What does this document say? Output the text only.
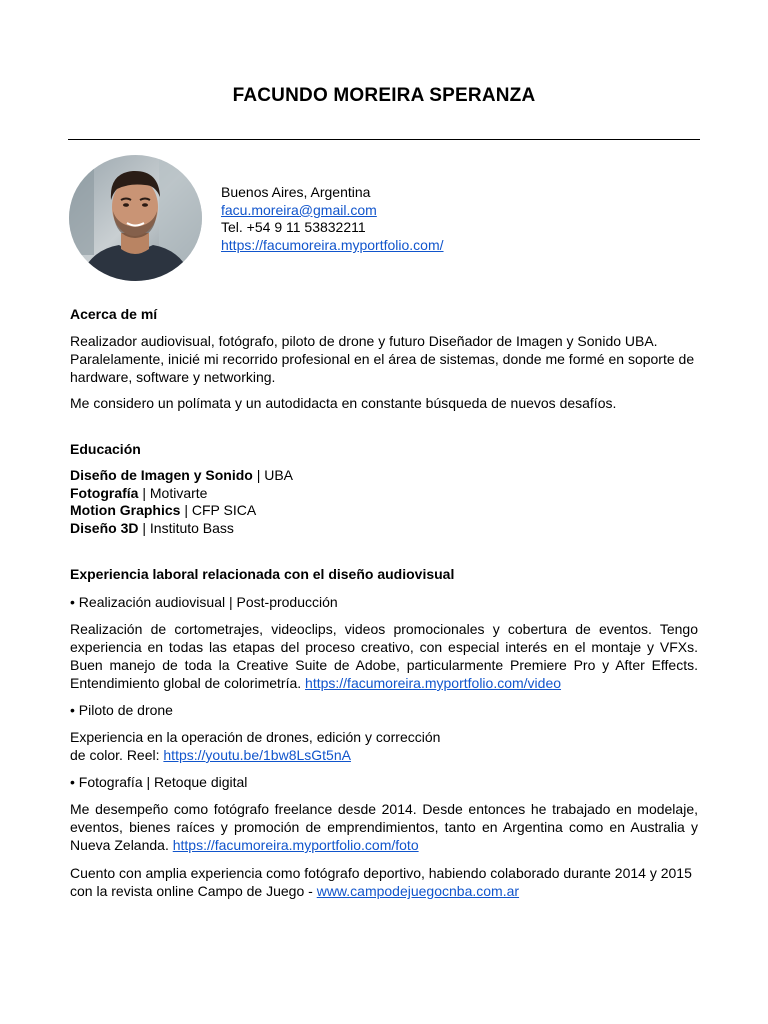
FACUNDO MOREIRA SPERANZA
Buenos Aires, Argentina
facu.moreira@gmail.com
Tel. +54 9 11 53832211
https://facumoreira.myportfolio.com/
Acerca de mí

Realizador audiovisual, fotógrafo, piloto de drone y futuro Diseñador de Imagen y Sonido UBA. Paralelamente, inicié mi recorrido profesional en el área de sistemas, donde me formé en soporte de hardware, software y networking.

Me considero un polímata y un autodidacta en constante búsqueda de nuevos desafíos.

Educación
Diseño de Imagen y Sonido | UBA
Fotografía | Motivarte
Motion Graphics | CFP SICA
Diseño 3D | Instituto Bass
Experiencia laboral relacionada con el diseño audiovisual

• Realización audiovisual | Post-producción

Realización de cortometrajes, videoclips, videos promocionales y cobertura de eventos. Tengo experiencia en todas las etapas del proceso creativo, con especial interés en el montaje y VFXs. Buen manejo de toda la Creative Suite de Adobe, particularmente Premiere Pro y After Effects. Entendimiento global de colorimetría. https://facumoreira.myportfolio.com/video

• Piloto de drone

Experiencia en la operación de drones, edición y corrección
de color. Reel: https://youtu.be/1bw8LsGt5nA

• Fotografía | Retoque digital

Me desempeño como fotógrafo freelance desde 2014. Desde entonces he trabajado en modelaje, eventos, bienes raíces y promoción de emprendimientos, tanto en Argentina como en Australia y Nueva Zelanda. https://facumoreira.myportfolio.com/foto

Cuento con amplia experiencia como fotógrafo deportivo, habiendo colaborado durante 2014 y 2015 con la revista online Campo de Juego - www.campodejuegocnba.com.ar
